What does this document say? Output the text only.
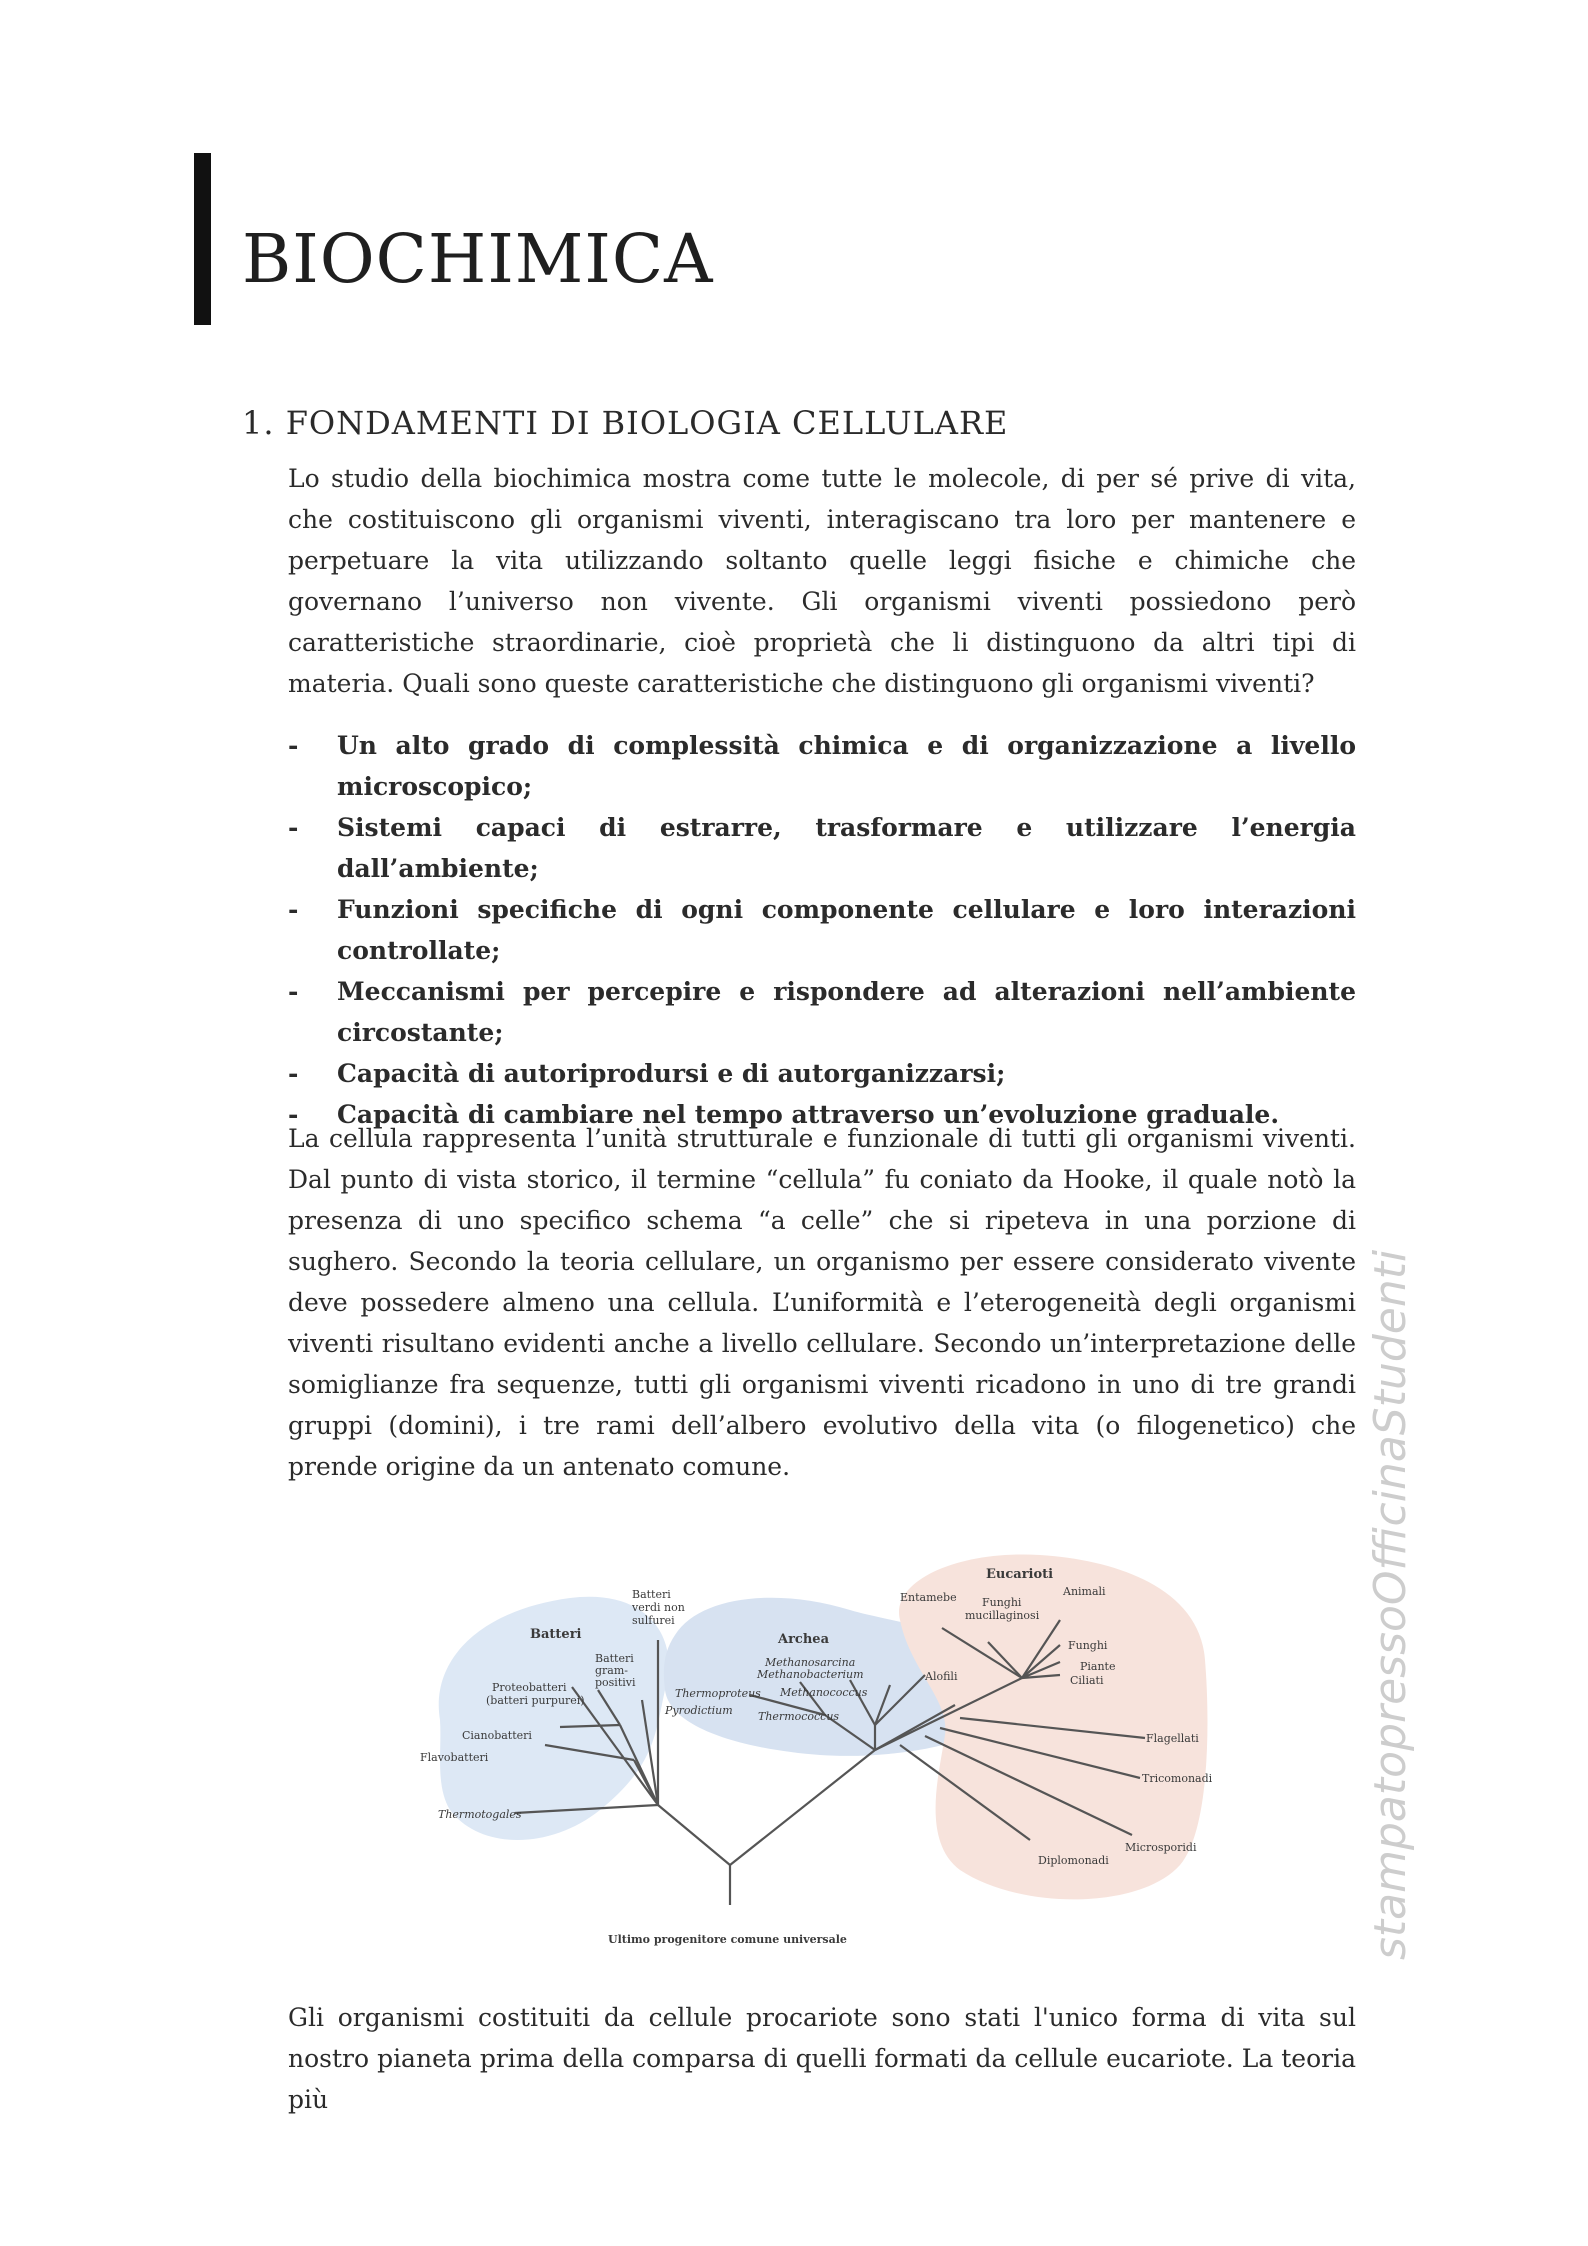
BIOCHIMICA
1. FONDAMENTI DI BIOLOGIA CELLULARE

Lo studio della biochimica mostra come tutte le molecole, di per sé prive di vita, che costituiscono gli organismi viventi, interagiscano tra loro per mantenere e perpetuare la vita utilizzando soltanto quelle leggi fisiche e chimiche che governano l’universo non vivente. Gli organismi viventi possiedono però caratteristiche straordinarie, cioè proprietà che li distinguono da altri tipi di materia. Quali sono queste caratteristiche che distinguono gli organismi viventi?

- Un alto grado di complessità chimica e di organizzazione a livello microscopico;
- Sistemi capaci di estrarre, trasformare e utilizzare l’energia dall’ambiente;
- Funzioni specifiche di ogni componente cellulare e loro interazioni controllate;
- Meccanismi per percepire e rispondere ad alterazioni nell’ambiente circostante;
- Capacità di autoriprodursi e di autorganizzarsi;
- Capacità di cambiare nel tempo attraverso un’evoluzione graduale.

La cellula rappresenta l’unità strutturale e funzionale di tutti gli organismi viventi. Dal punto di vista storico, il termine “cellula” fu coniato da Hooke, il quale notò la presenza di uno specifico schema “a celle” che si ripeteva in una porzione di sughero. Secondo la teoria cellulare, un organismo per essere considerato vivente deve possedere almeno una cellula. L’uniformità e l’eterogeneità degli organismi viventi risultano evidenti anche a livello cellulare. Secondo un’interpretazione delle somiglianze fra sequenze, tutti gli organismi viventi ricadono in uno di tre grandi gruppi (domini), i tre rami dell’albero evolutivo della vita (o filogenetico) che prende origine da un antenato comune.

Batteri	Archea
Eucarioti
Batteri verdi non sulfurei
Batteri gram- positivi
Proteobatteri (batteri purpurei)
Cianobatteri
Flavobatteri
Thermotogales
Methanosarcina
Methanobacterium
Methanococcus
Thermoproteus
Pyrodictium Thermococcus
Alofili
Entamebe	Funghi mucillaginosi
Animali
Funghi
Piante
Ciliati
Flagellati
Tricomonadi
Microsporidi
Diplomonadi
Ultimo progenitore comune universale

Gli organismi costituiti da cellule procariote sono stati l'unico forma di vita sul nostro pianeta prima della comparsa di quelli formati da cellule eucariote. La teoria più

stampatopressoOfficinaStudenti
